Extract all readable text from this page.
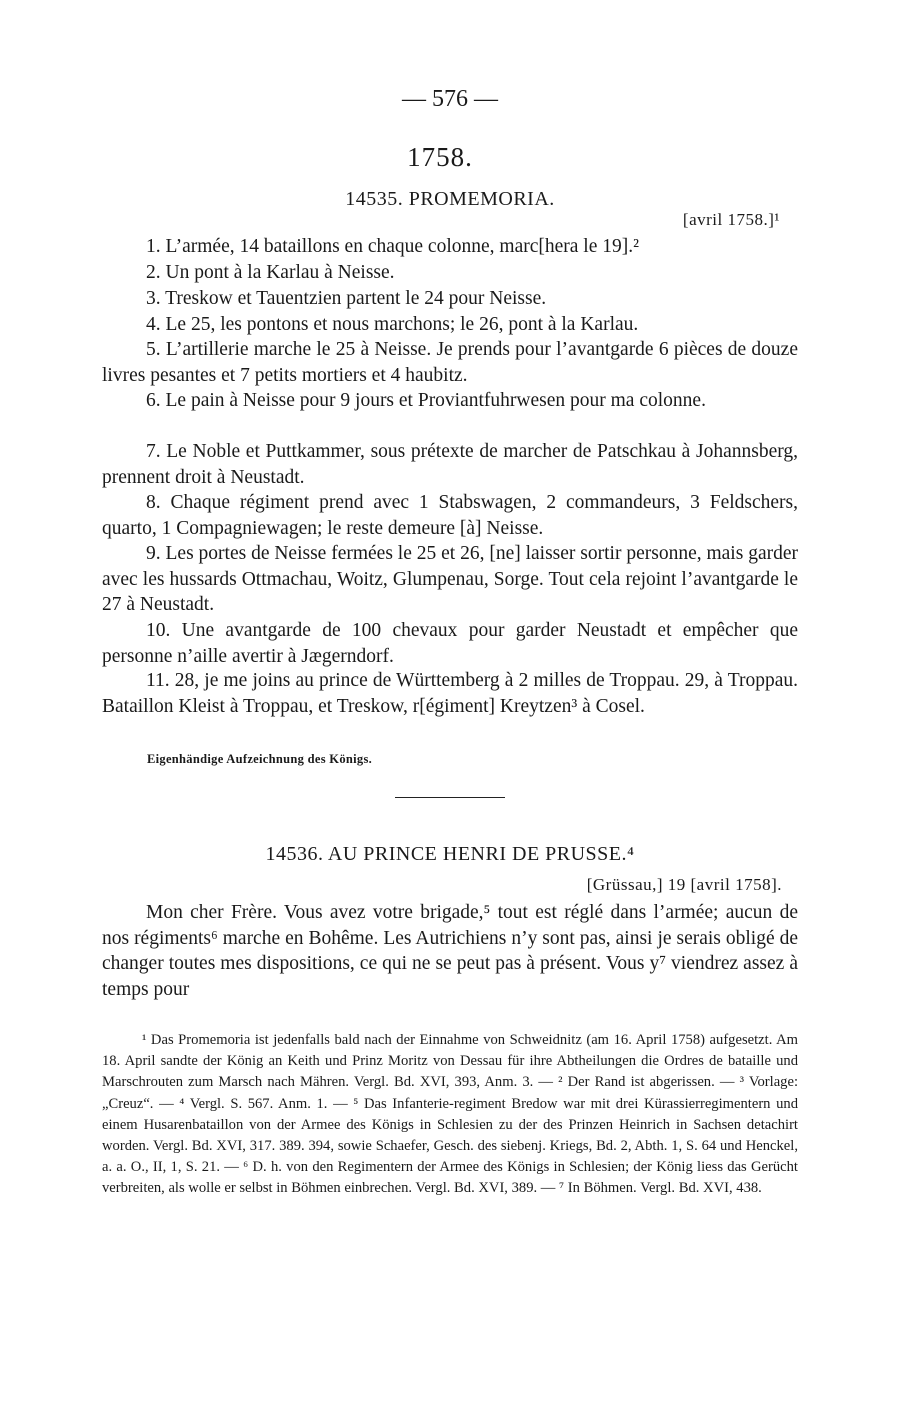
— 576 —
1758.
14535. PROMEMORIA.
[avril 1758.]¹
1. L’armée, 14 bataillons en chaque colonne, marc[hera le 19].²
2. Un pont à la Karlau à Neisse.
3. Treskow et Tauentzien partent le 24 pour Neisse.
4. Le 25, les pontons et nous marchons; le 26, pont à la Karlau.
5. L’artillerie marche le 25 à Neisse. Je prends pour l’avantgarde 6 pièces de douze livres pesantes et 7 petits mortiers et 4 haubitz.
6. Le pain à Neisse pour 9 jours et Proviantfuhrwesen pour ma colonne.
7. Le Noble et Puttkammer, sous prétexte de marcher de Patschkau à Johannsberg, prennent droit à Neustadt.
8. Chaque régiment prend avec 1 Stabswagen, 2 commandeurs, 3 Feldschers, quarto, 1 Compagniewagen; le reste demeure [à] Neisse.
9. Les portes de Neisse fermées le 25 et 26, [ne] laisser sortir personne, mais garder avec les hussards Ottmachau, Woitz, Glumpenau, Sorge. Tout cela rejoint l’avantgarde le 27 à Neustadt.
10. Une avantgarde de 100 chevaux pour garder Neustadt et empêcher que personne n’aille avertir à Jægerndorf.
11. 28, je me joins au prince de Württemberg à 2 milles de Troppau. 29, à Troppau. Bataillon Kleist à Troppau, et Treskow, r[égiment] Kreytzen³ à Cosel.
Eigenhändige Aufzeichnung des Königs.
14536. AU PRINCE HENRI DE PRUSSE.⁴
[Grüssau,] 19 [avril 1758].
Mon cher Frère. Vous avez votre brigade,⁵ tout est réglé dans l’armée; aucun de nos régiments⁶ marche en Bohême. Les Autrichiens n’y sont pas, ainsi je serais obligé de changer toutes mes dispositions, ce qui ne se peut pas à présent. Vous y⁷ viendrez assez à temps pour

¹ Das Promemoria ist jedenfalls bald nach der Einnahme von Schweidnitz (am 16. April 1758) aufgesetzt. Am 18. April sandte der König an Keith und Prinz Moritz von Dessau für ihre Abtheilungen die Ordres de bataille und Marschrouten zum Marsch nach Mähren. Vergl. Bd. XVI, 393, Anm. 3. — ² Der Rand ist abgerissen. — ³ Vorlage: „Creuz“. — ⁴ Vergl. S. 567. Anm. 1. — ⁵ Das Infanterie-regiment Bredow war mit drei Kürassierregimentern und einem Husarenbataillon von der Armee des Königs in Schlesien zu der des Prinzen Heinrich in Sachsen detachirt worden. Vergl. Bd. XVI, 317. 389. 394, sowie Schaefer, Gesch. des siebenj. Kriegs, Bd. 2, Abth. 1, S. 64 und Henckel, a. a. O., II, 1, S. 21. — ⁶ D. h. von den Regimentern der Armee des Königs in Schlesien; der König liess das Gerücht verbreiten, als wolle er selbst in Böhmen einbrechen. Vergl. Bd. XVI, 389. — ⁷ In Böhmen. Vergl. Bd. XVI, 438.
